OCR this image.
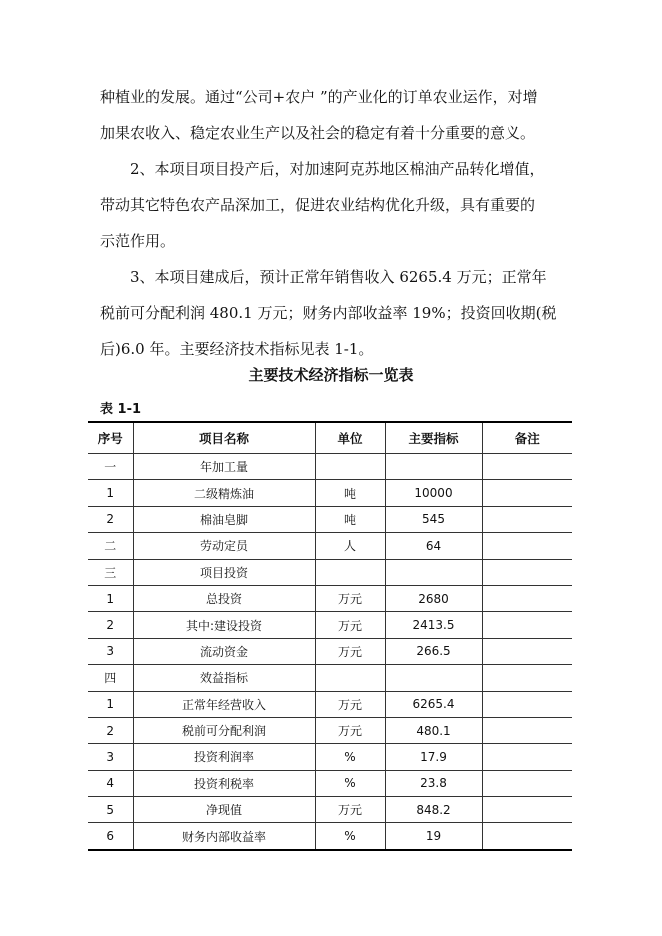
种植业的发展。通过“公司+农户 ”的产业化的订单农业运作，对增
加果农收入、稳定农业生产以及社会的稳定有着十分重要的意义。
2、本项目项目投产后，对加速阿克苏地区棉油产品转化增值，
带动其它特色农产品深加工，促进农业结构优化升级，具有重要的
示范作用。
3、本项目建成后，预计正常年销售收入 6265.4 万元；正常年
税前可分配利润 480.1 万元；财务内部收益率 19%；投资回收期(税
后)6.0 年。主要经济技术指标见表 1-1。
主要技术经济指标一览表
表 1-1
序号	项目名称	单位	主要指标	备注
一	年加工量			
1	二级精炼油	吨	10000	
2	棉油皂脚	吨	545	
二	劳动定员	人	64	
三	项目投资			
1	总投资	万元	2680	
2	其中:建设投资	万元	2413.5	
3	流动资金	万元	266.5	
四	效益指标			
1	正常年经营收入	万元	6265.4	
2	税前可分配利润	万元	480.1	
3	投资利润率	%	17.9	
4	投资利税率	%	23.8	
5	净现值	万元	848.2	
6	财务内部收益率	%	19	
